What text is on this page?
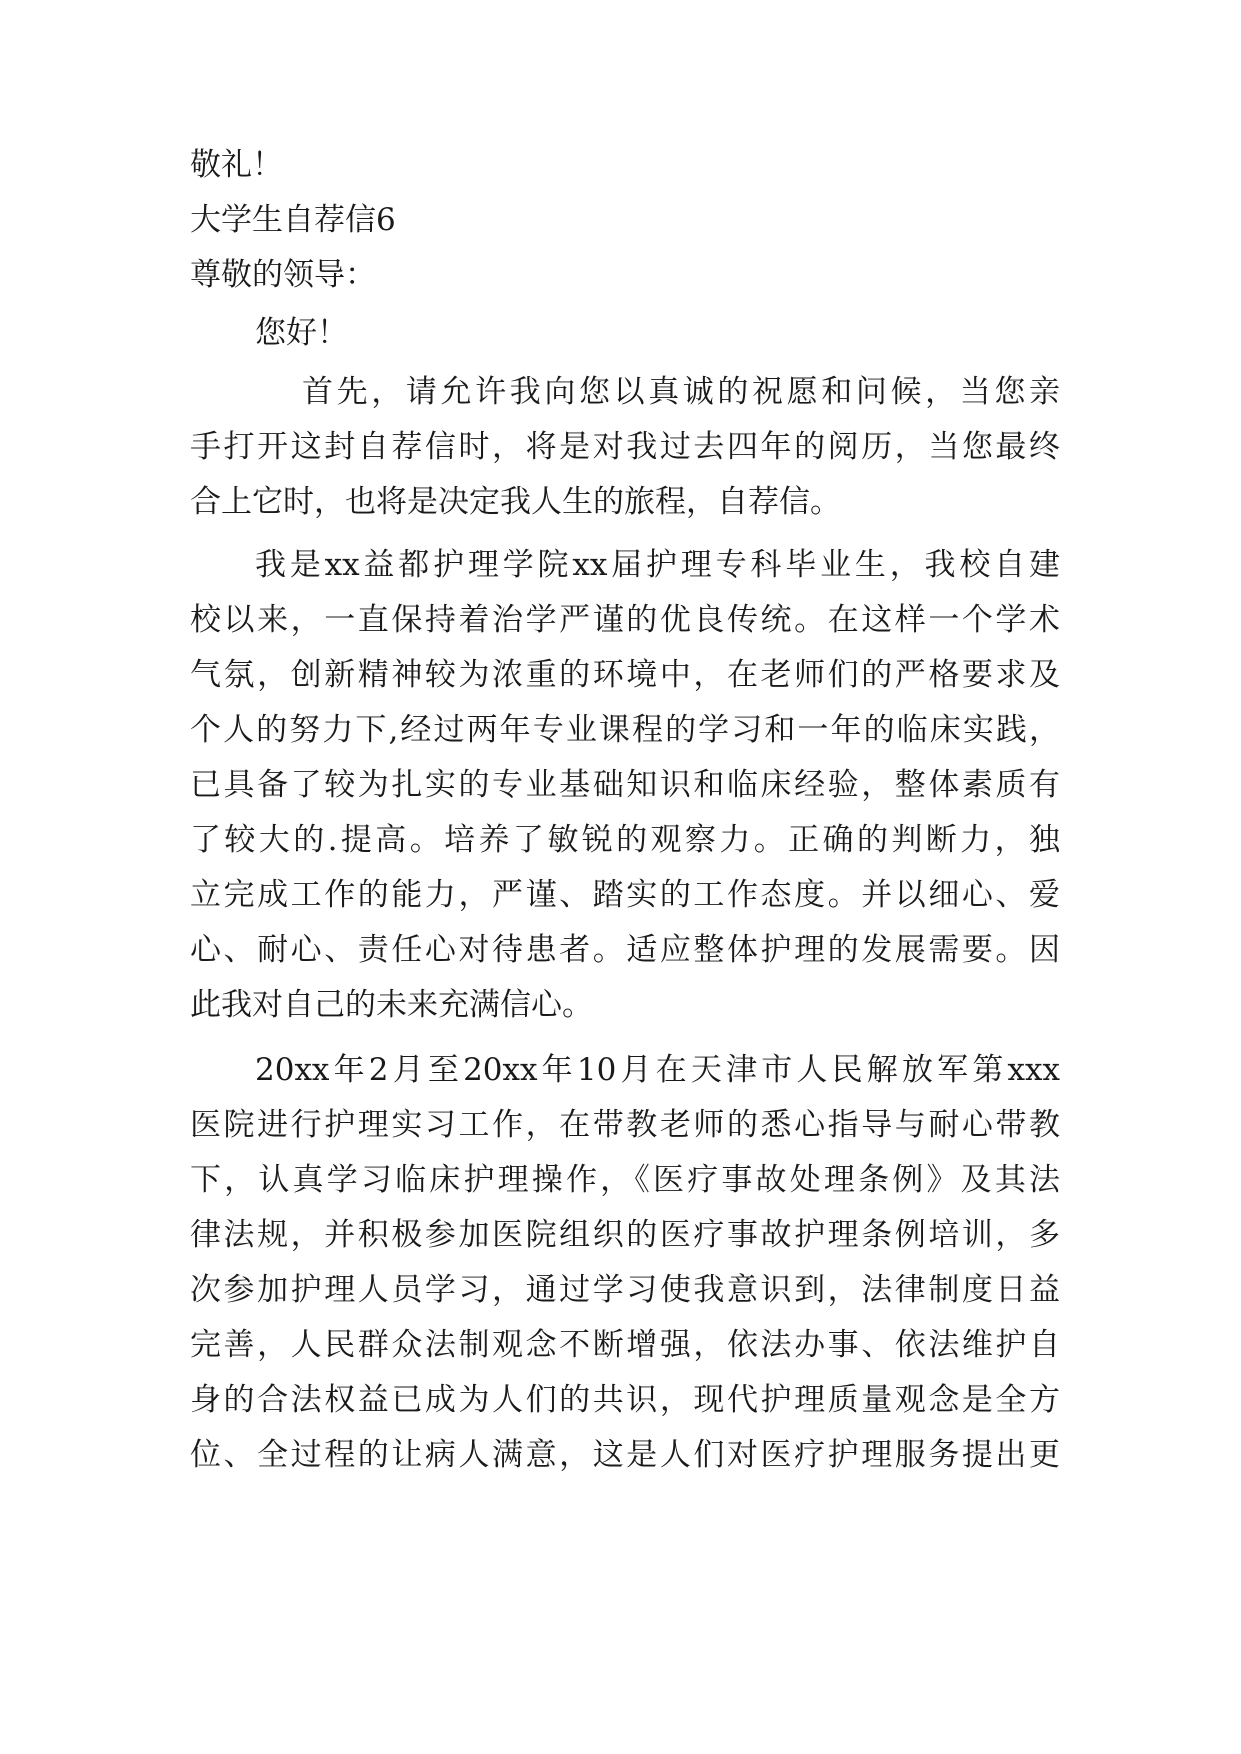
敬礼！
大学生自荐信6
尊敬的领导：
您好！
首先，请允许我向您以真诚的祝愿和问候，当您亲
手打开这封自荐信时，将是对我过去四年的阅历，当您最终
合上它时，也将是决定我人生的旅程，自荐信。
我是xx益都护理学院xx届护理专科毕业生，我校自建
校以来，一直保持着治学严谨的优良传统。在这样一个学术
气氛，创新精神较为浓重的环境中，在老师们的严格要求及
个人的努力下,经过两年专业课程的学习和一年的临床实践，
已具备了较为扎实的专业基础知识和临床经验，整体素质有
了较大的.提高。培养了敏锐的观察力。正确的判断力，独
立完成工作的能力，严谨、踏实的工作态度。并以细心、爱
心、耐心、责任心对待患者。适应整体护理的发展需要。因
此我对自己的未来充满信心。
20xx年2月至20xx年10月在天津市人民解放军第xxx
医院进行护理实习工作，在带教老师的悉心指导与耐心带教
下，认真学习临床护理操作，《医疗事故处理条例》及其法
律法规，并积极参加医院组织的医疗事故护理条例培训，多
次参加护理人员学习，通过学习使我意识到，法律制度日益
完善，人民群众法制观念不断增强，依法办事、依法维护自
身的合法权益已成为人们的共识，现代护理质量观念是全方
位、全过程的让病人满意，这是人们对医疗护理服务提出更
